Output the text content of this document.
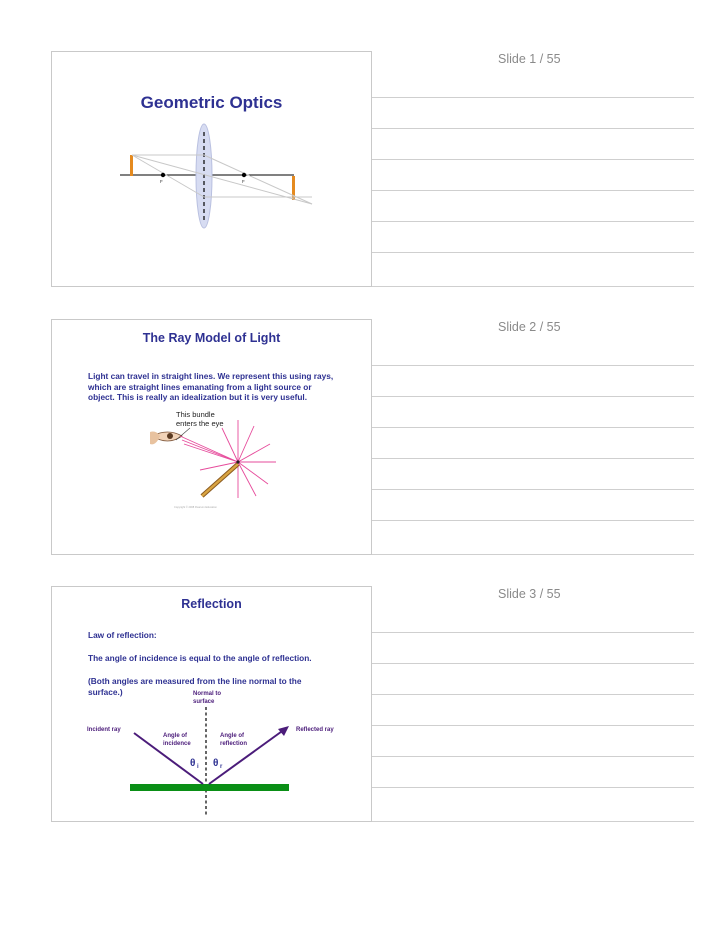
Slide 1 / 55
Geometric Optics
F	F
Slide 2 / 55
The Ray Model of Light
Light can travel in straight lines. We represent this using rays, which are straight lines emanating from a light source or object. This is really an idealization but it is very useful.
This bundle
enters the eye
Copyright © 2008 Pearson Education
Slide 3 / 55
Reflection
Law of reflection:
The angle of incidence is equal to the angle of reflection.
(Both angles are measured from the line normal to the surface.)	Normal to
surface
Incident ray	Reflected ray
Angle of
incidence
Angle of
reflection
θ i θ r
